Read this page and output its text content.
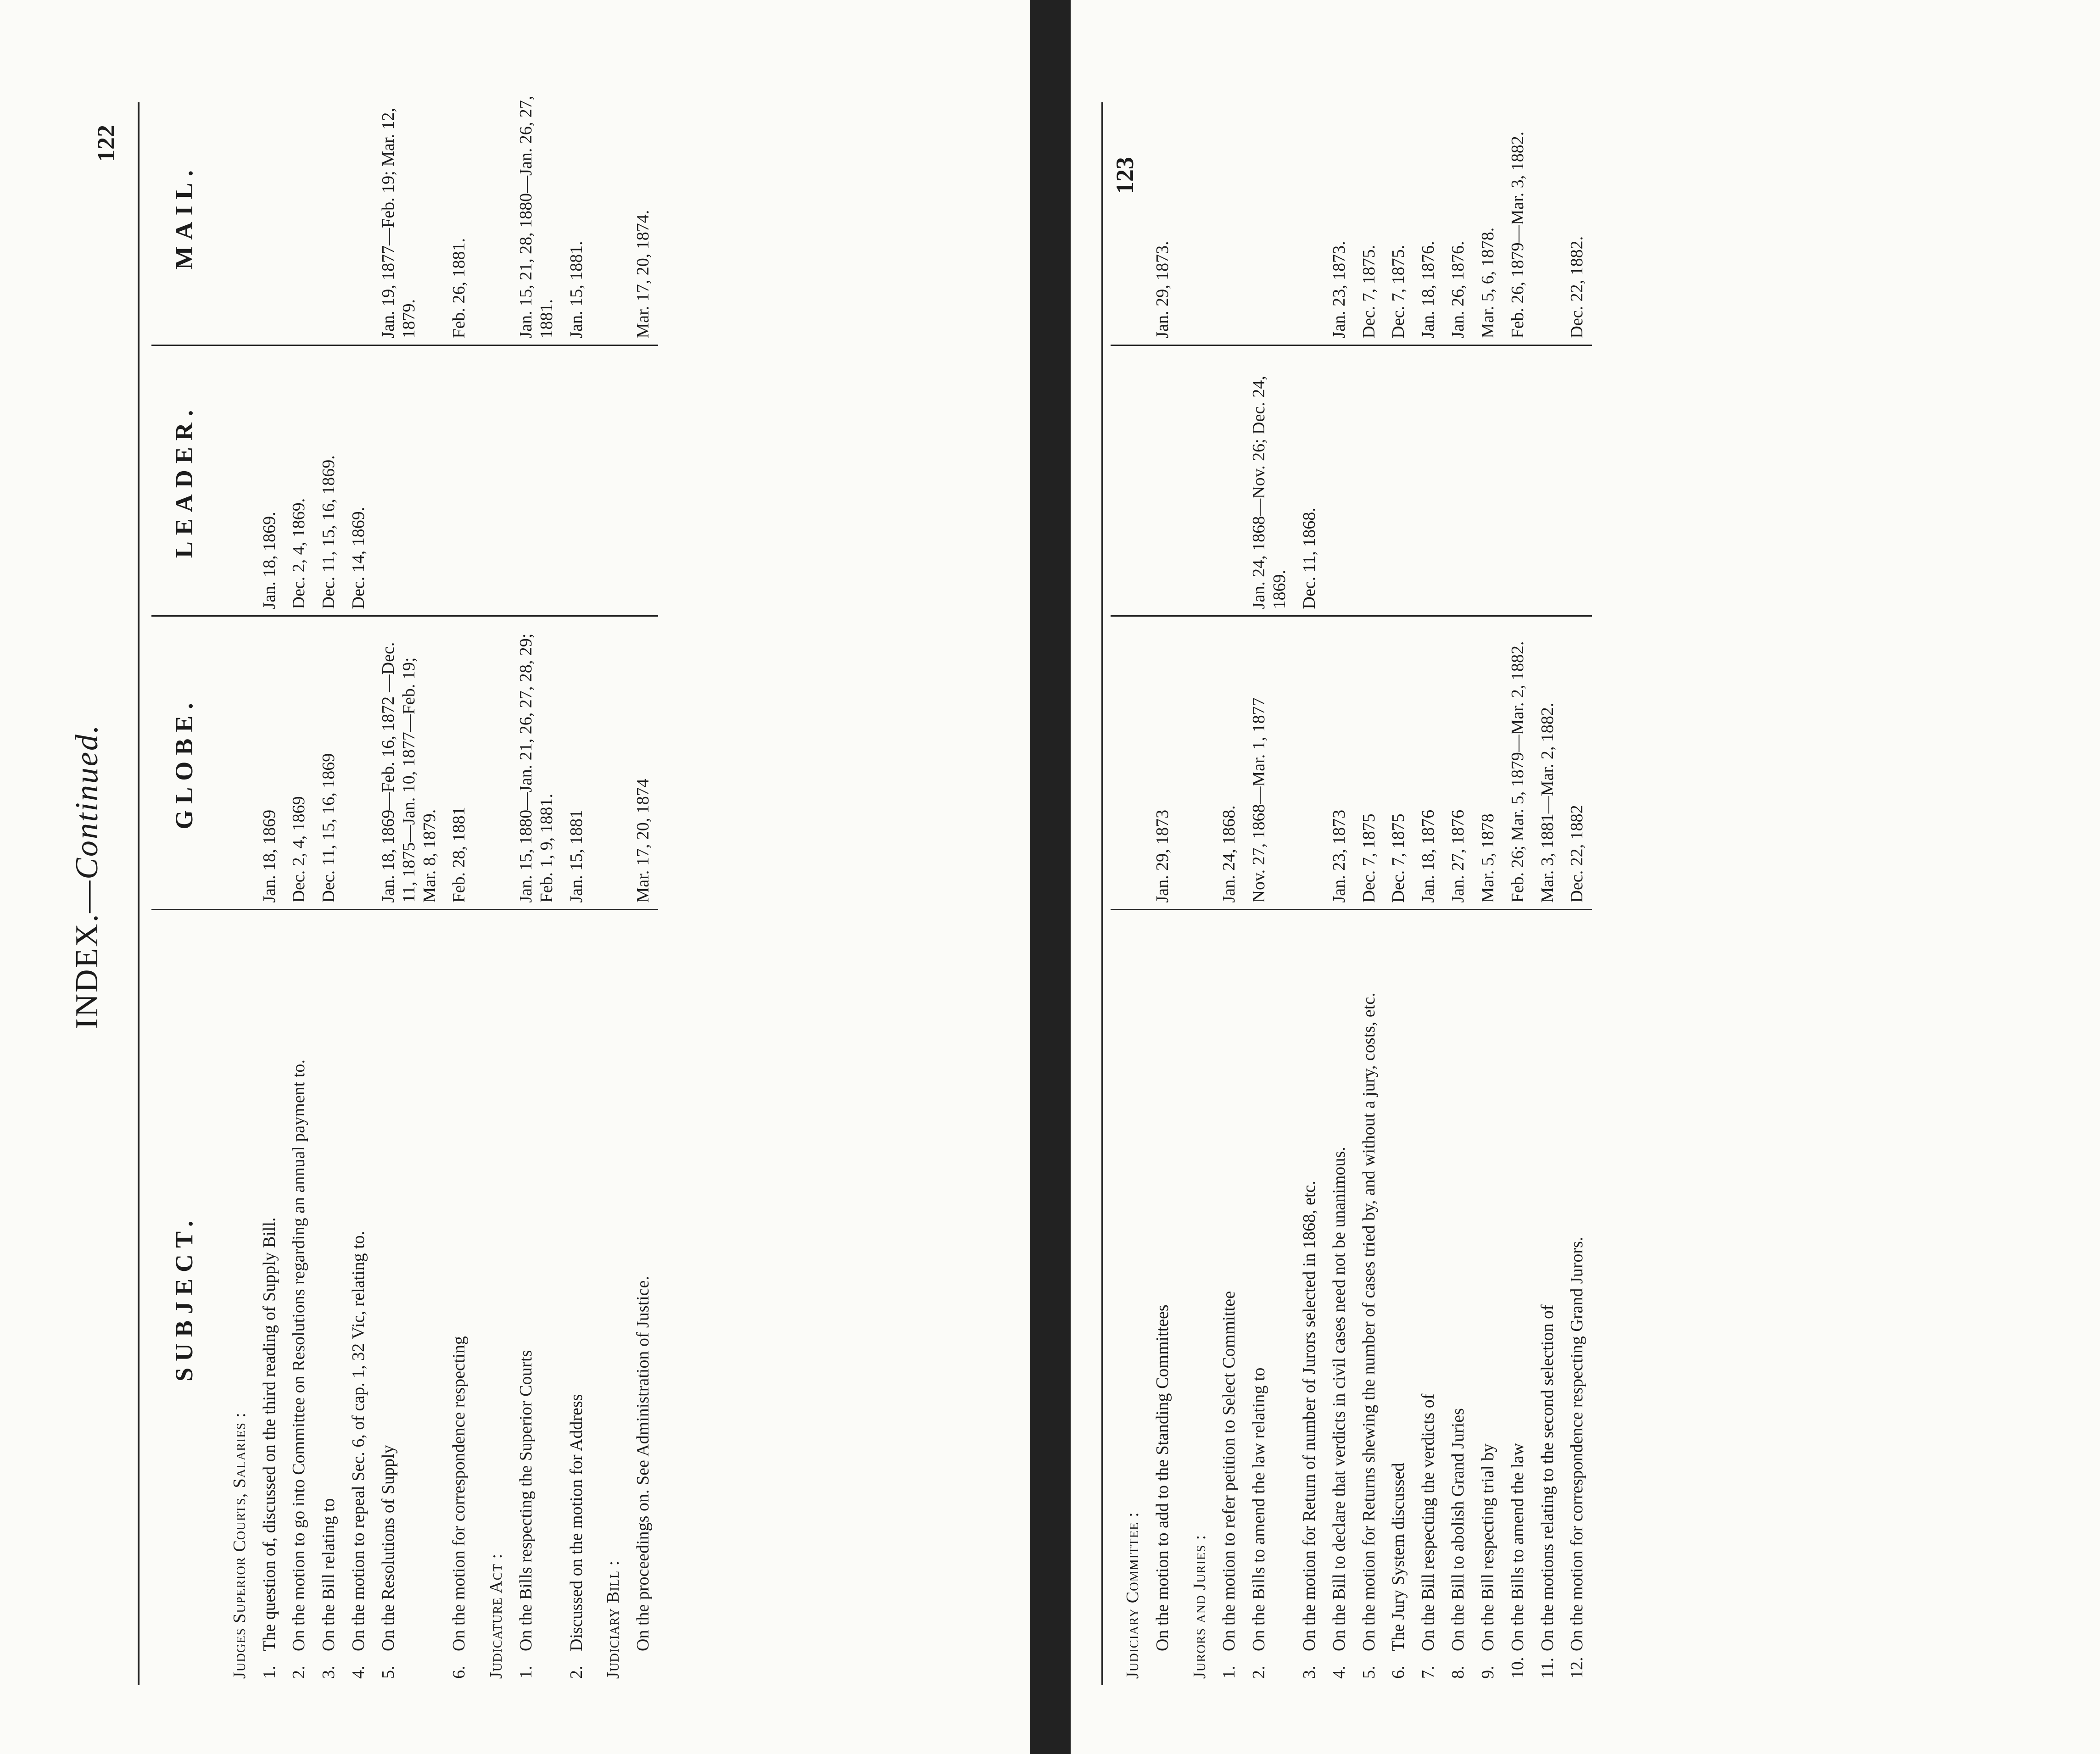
122
INDEX.—Continued.
SUBJECT.	GLOBE.	LEADER.	MAIL.
Judges Superior Courts, Salaries :			
1.The question of, discussed on the third reading of Supply Bill.	Jan. 18, 1869	Jan. 18, 1869.	
2.On the motion to go into Committee on Resolutions regarding an annual payment to.	Dec. 2, 4, 1869	Dec. 2, 4, 1869.	
3.On the Bill relating to	Dec. 11, 15, 16, 1869	Dec. 11, 15, 16, 1869.	
4.On the motion to repeal Sec. 6, of cap. 1, 32 Vic, relating to.		Dec. 14, 1869.	
5.On the Resolutions of Supply	Jan. 18, 1869—Feb. 16, 1872 —Dec. 11, 1875—Jan. 10, 1877—Feb. 19; Mar. 8, 1879.		Jan. 19, 1877—Feb. 19; Mar. 12, 1879.
6.On the motion for correspondence respecting	Feb. 28, 1881		Feb. 26, 1881.
Judicature Act :			
1.On the Bills respecting the Superior Courts	Jan. 15, 1880—Jan. 21, 26, 27, 28, 29; Feb. 1, 9, 1881.		Jan. 15, 21, 28, 1880—Jan. 26, 27, 1881.
2.Discussed on the motion for Address	Jan. 15, 1881		Jan. 15, 1881.
Judiciary Bill :			
On the proceedings on. See Administration of Justice.	Mar. 17, 20, 1874		Mar. 17, 20, 1874.
123
Judiciary Committee :			
On the motion to add to the Standing Committees	Jan. 29, 1873		Jan. 29, 1873.
Jurors and Juries :			
1.On the motion to refer petition to Select Committee	Jan. 24, 1868.		
2.On the Bills to amend the law relating to	Nov. 27, 1868—Mar. 1, 1877	Jan. 24, 1868—Nov. 26; Dec. 24, 1869.	
3.On the motion for Return of number of Jurors selected in 1868, etc.		Dec. 11, 1868.	
4.On the Bill to declare that verdicts in civil cases need not be unanimous.	Jan. 23, 1873		Jan. 23, 1873.
5.On the motion for Returns shewing the number of cases tried by, and without a jury, costs, etc.	Dec. 7, 1875		Dec. 7, 1875.
6.The Jury System discussed	Dec. 7, 1875		Dec. 7, 1875.
7.On the Bill respecting the verdicts of	Jan. 18, 1876		Jan. 18, 1876.
8.On the Bill to abolish Grand Juries	Jan. 27, 1876		Jan. 26, 1876.
9.On the Bill respecting trial by	Mar. 5, 1878		Mar. 5, 6, 1878.
10.On the Bills to amend the law	Feb. 26; Mar. 5, 1879—Mar. 2, 1882.		Feb. 26, 1879—Mar. 3, 1882.
11.On the motions relating to the second selection of	Mar. 3, 1881—Mar. 2, 1882.		
12.On the motion for correspondence respecting Grand Jurors.	Dec. 22, 1882		Dec. 22, 1882.
